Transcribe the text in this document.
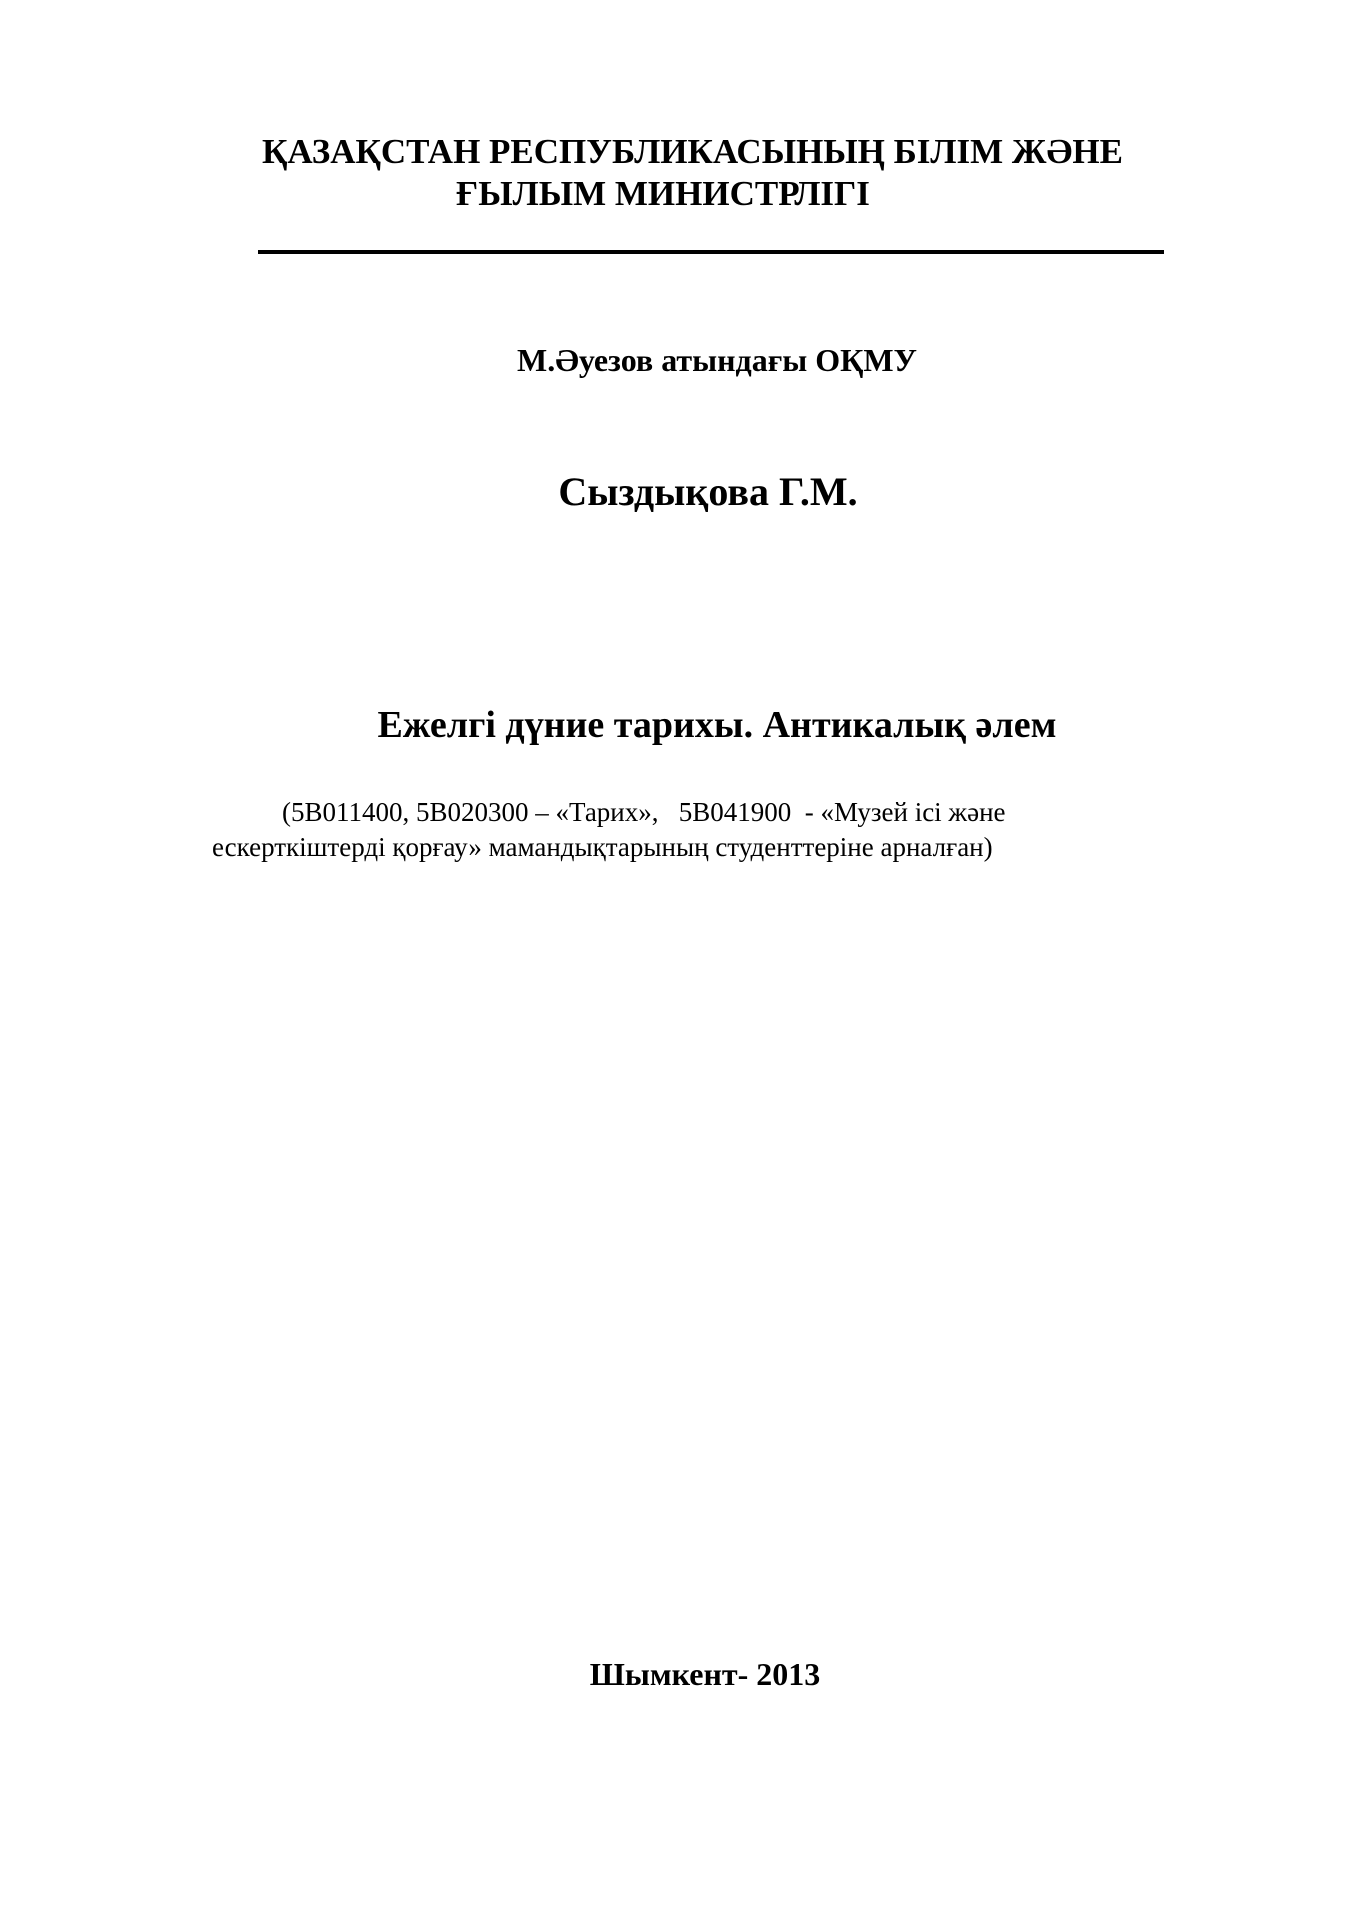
ҚАЗАҚСТАН РЕСПУБЛИКАСЫНЫҢ БІЛІМ ЖӘНЕ
ҒЫЛЫМ МИНИСТРЛІГІ
М.Әуезов атындағы ОҚМУ
Сыздықова Г.М.
Ежелгі дүние тарихы. Антикалық әлем
(5В011400, 5В020300 – «Тарих»,   5В041900  - «Музей ісі және
ескерткіштерді қорғау» мамандықтарының студенттеріне арналған)
Шымкент- 2013
